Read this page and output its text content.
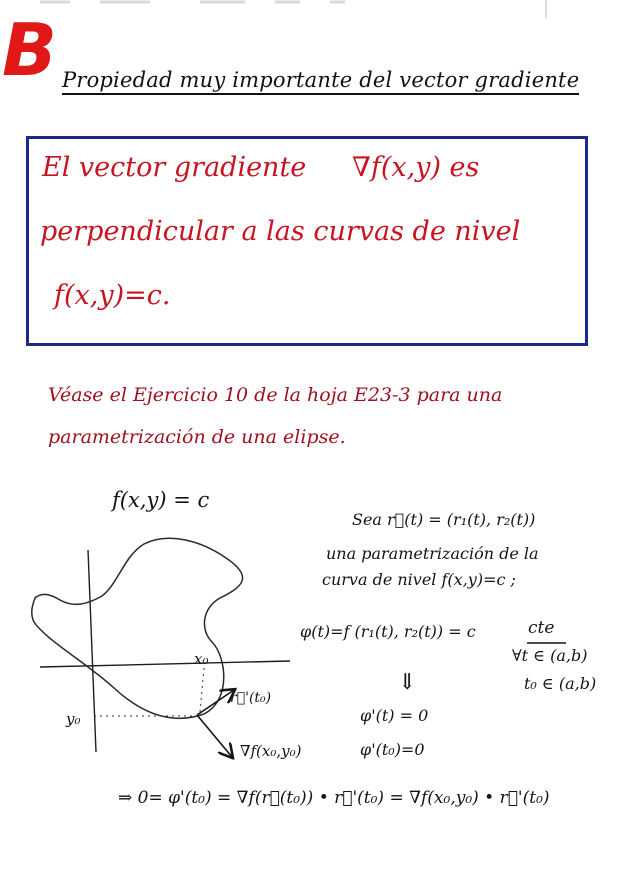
B Propiedad muy importante del vector gradiente
El vector gradiente ∇f(x,y) es
perpendicular a las curvas de nivel
f(x,y)=c.
Véase el Ejercicio 10 de la hoja E23-3 para una
parametrización de una elipse.
f(x,y) = c
Sea r⃗(t) = (r₁(t), r₂(t))
una parametrización de la
curva de nivel f(x,y)=c ;
φ(t)=f (r₁(t), r₂(t)) = c	cte
∀t ∈ (a,b)
t₀ ∈ (a,b)
⇓
φ'(t) = 0
φ'(t₀)=0
x₀
y₀
r⃗'(t₀)
∇f(x₀,y₀)
⇒ 0= φ'(t₀) = ∇f(r⃗(t₀)) • r⃗'(t₀) = ∇f(x₀,y₀) • r⃗'(t₀)
